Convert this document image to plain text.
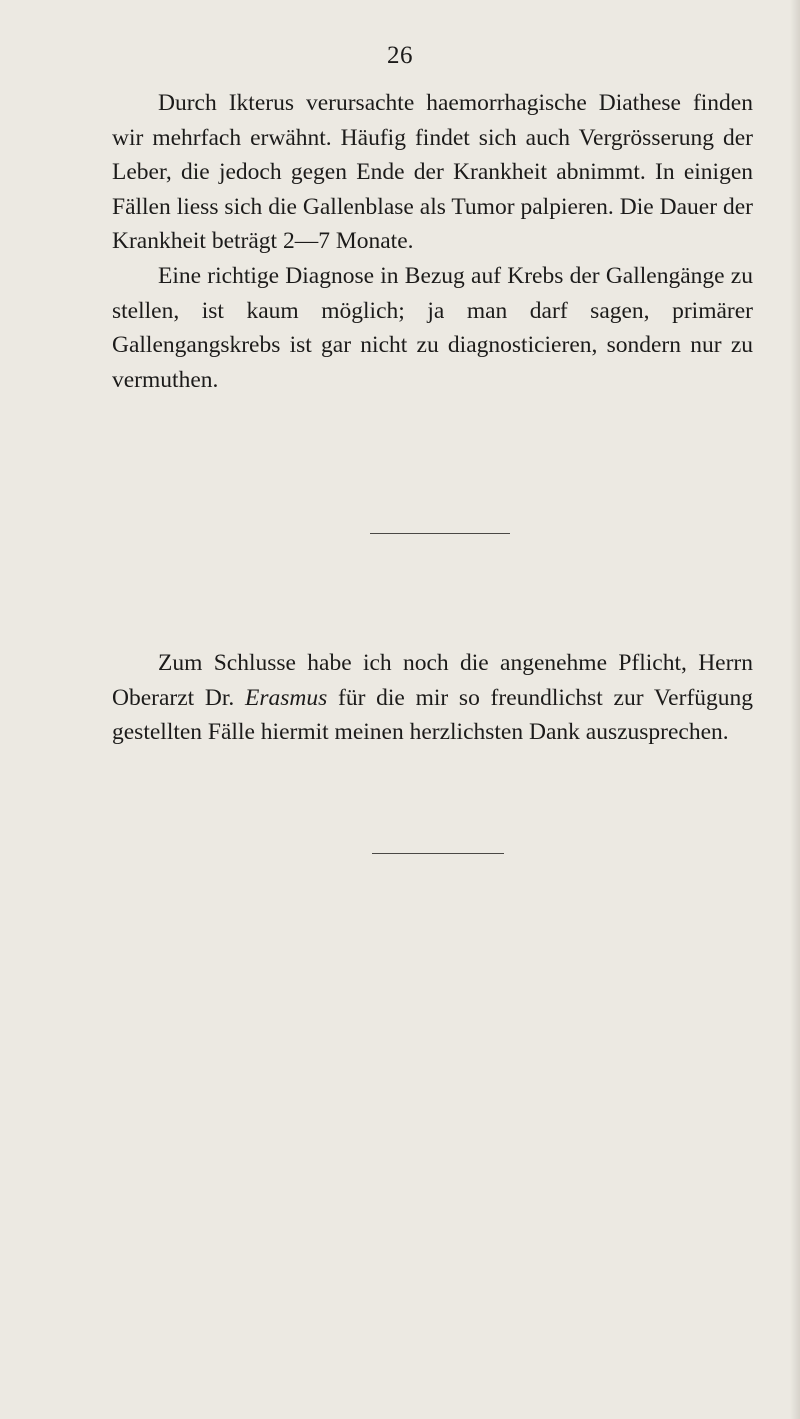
26

Durch Ikterus verursachte haemorrhagische Diathese finden wir mehrfach erwähnt. Häufig findet sich auch Vergrösserung der Leber, die jedoch gegen Ende der Krankheit abnimmt. In einigen Fällen liess sich die Gallenblase als Tumor palpieren. Die Dauer der Krankheit beträgt 2—7 Monate.

Eine richtige Diagnose in Bezug auf Krebs der Gallengänge zu stellen, ist kaum möglich; ja man darf sagen, primärer Gallengangskrebs ist gar nicht zu diagnosticieren, sondern nur zu vermuthen.

Zum Schlusse habe ich noch die angenehme Pflicht, Herrn Oberarzt Dr. Erasmus für die mir so freundlichst zur Verfügung gestellten Fälle hiermit meinen herzlichsten Dank auszusprechen.
